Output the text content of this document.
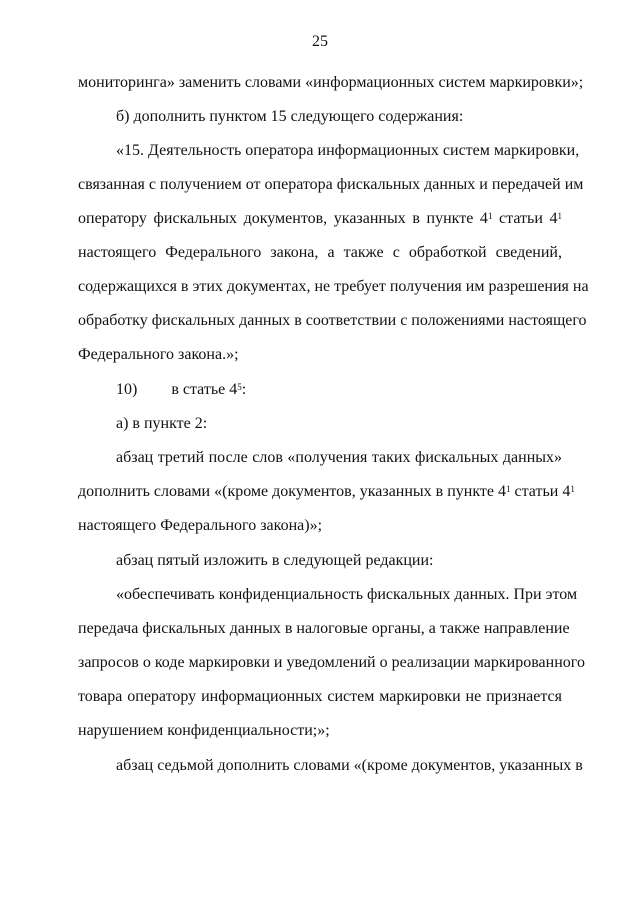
25
мониторинга» заменить словами «информационных систем маркировки»;
б) дополнить пунктом 15 следующего содержания:
«15. Деятельность оператора информационных систем маркировки,
связанная с получением от оператора фискальных данных и передачей им
оператору фискальных документов, указанных в пункте $4^1$ статьи $4^1$
настоящего Федерального закона, а также с обработкой сведений,
содержащихся в этих документах, не требует получения им разрешения на
обработку фискальных данных в соответствии с положениями настоящего
Федерального закона.»;
10) в статье $4^5$:
а) в пункте 2:
абзац третий после слов «получения таких фискальных данных»
дополнить словами «(кроме документов, указанных в пункте $4^1$ статьи $4^1$
настоящего Федерального закона)»;
абзац пятый изложить в следующей редакции:
«обеспечивать конфиденциальность фискальных данных. При этом
передача фискальных данных в налоговые органы, а также направление
запросов о коде маркировки и уведомлений о реализации маркированного
товара оператору информационных систем маркировки не признается
нарушением конфиденциальности;»;
абзац седьмой дополнить словами «(кроме документов, указанных в
